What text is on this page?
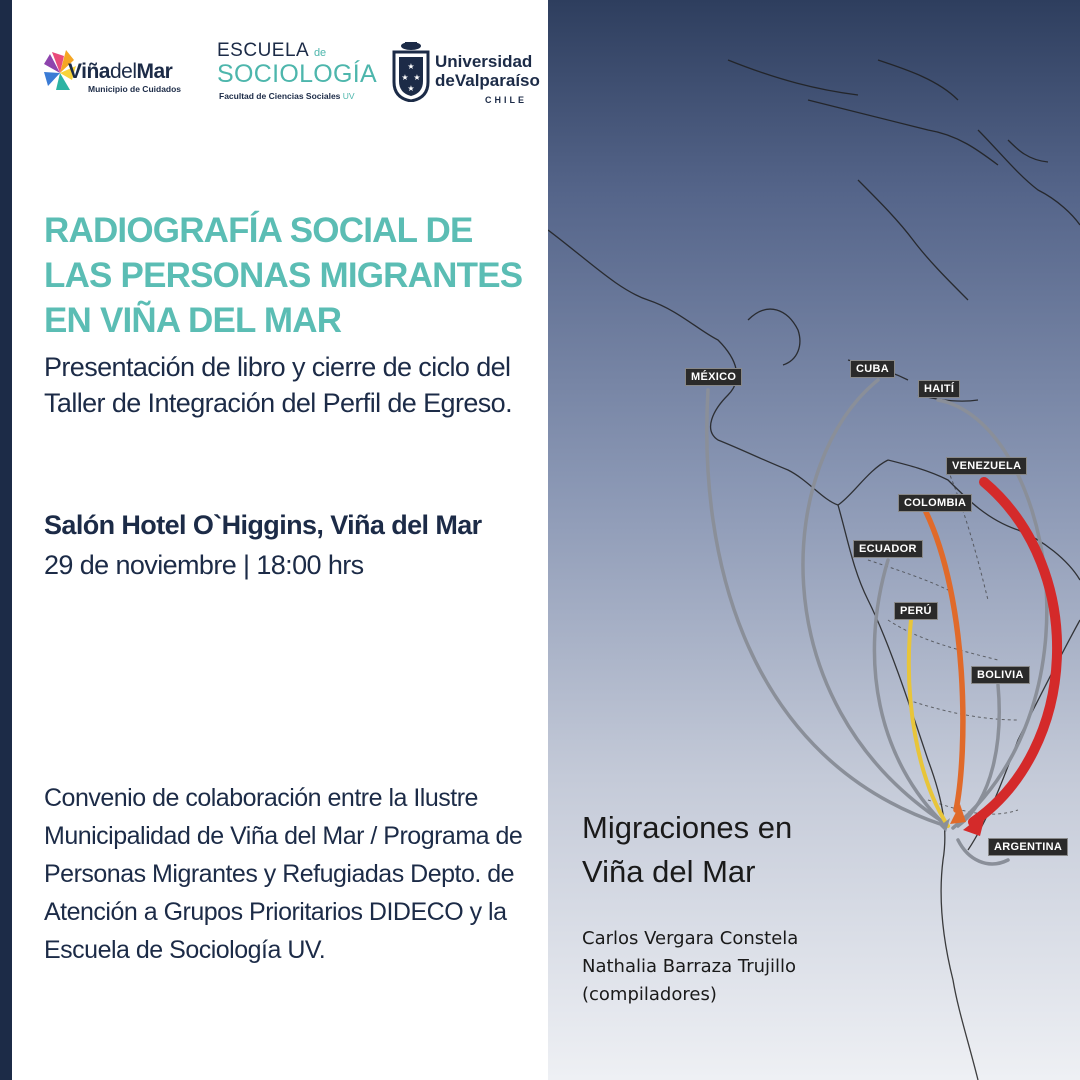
ViñadelMar
Municipio de Cuidados
ESCUELA de
SOCIOLOGÍA
Facultad de Ciencias Sociales UV
★
★ ★
★
Universidad
deValparaíso
CHILE
RADIOGRAFÍA SOCIAL DE
LAS PERSONAS MIGRANTES
EN VIÑA DEL MAR
Presentación de libro y cierre de ciclo del Taller de Integración del Perfil de Egreso.
Salón Hotel O`Higgins, Viña del Mar
29 de noviembre | 18:00 hrs
Convenio de colaboración entre la Ilustre Municipalidad de Viña del Mar / Programa de Personas Migrantes y Refugiadas Depto. de Atención a Grupos Prioritarios DIDECO y la Escuela de Sociología UV.
MÉXICO
CUBA
HAITÍ
VENEZUELA
COLOMBIA
ECUADOR
PERÚ
BOLIVIA
ARGENTINA
Migraciones en
Viña del Mar
Carlos Vergara Constela
Nathalia Barraza Trujillo
(compiladores)
